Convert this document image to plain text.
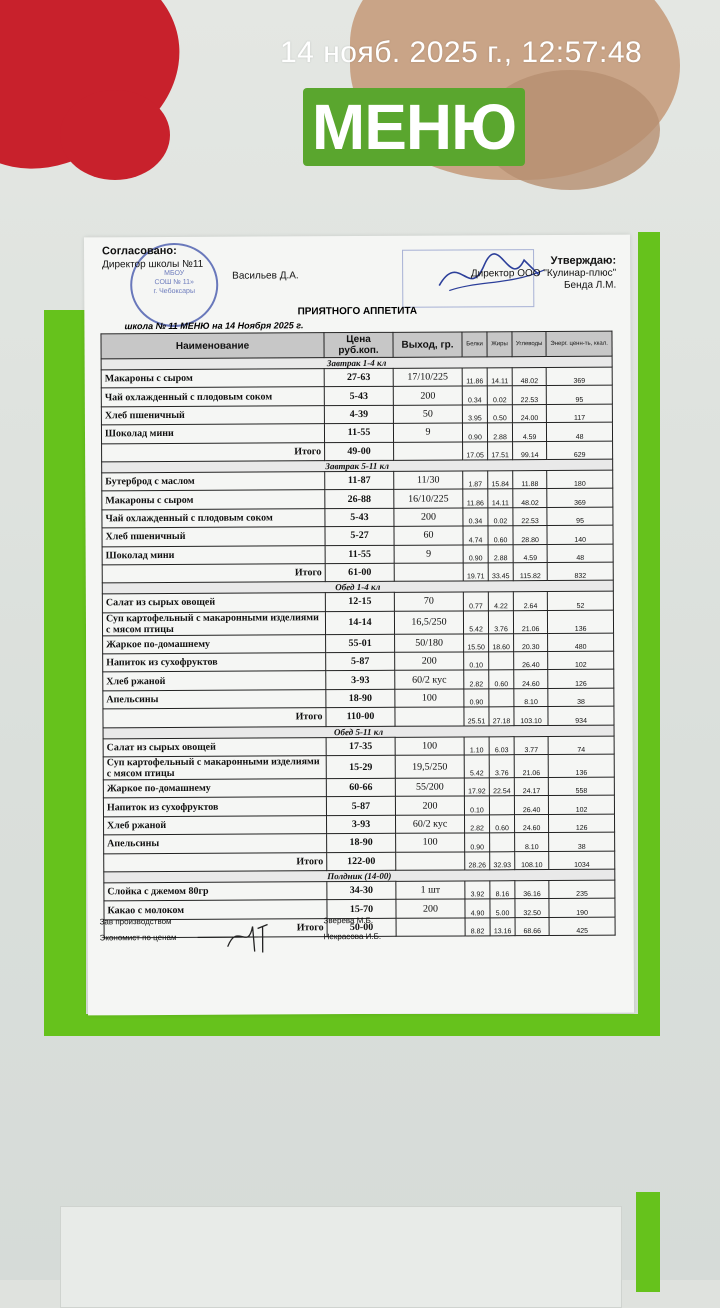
14 нояб. 2025 г., 12:57:48
МЕНЮ
МБОУ
СОШ № 11»
г. Чебоксары
Согласовано:
Директор школы №11
Васильев Д.А.
Утверждаю:
Директор ООО "Кулинар-плюс"
Бенда Л.М.
ПРИЯТНОГО АППЕТИТА
школа № 11 МЕНЮ на 14 Ноября 2025 г.
Наименование	Цена руб.коп.	Выход, гр.	Белки	Жиры	Углеводы	Энерг. ценн-ть, ккал.
Завтрак 1-4 кл						
Макароны с сыром	27-63	17/10/225	11.86	14.11	48.02	369
Чай охлажденный с плодовым соком	5-43	200	0.34	0.02	22.53	95
Хлеб пшеничный	4-39	50	3.95	0.50	24.00	117
Шоколад мини	11-55	9	0.90	2.88	4.59	48
Итого	49-00		17.05	17.51	99.14	629
Завтрак 5-11 кл						
Бутерброд с маслом	11-87	11/30	1.87	15.84	11.88	180
Макароны с сыром	26-88	16/10/225	11.86	14.11	48.02	369
Чай охлажденный с плодовым соком	5-43	200	0.34	0.02	22.53	95
Хлеб пшеничный	5-27	60	4.74	0.60	28.80	140
Шоколад мини	11-55	9	0.90	2.88	4.59	48
Итого	61-00		19.71	33.45	115.82	832
Обед 1-4 кл						
Салат из сырых овощей	12-15	70	0.77	4.22	2.64	52
Суп картофельный с макаронными изделиями с мясом птицы	14-14	16,5/250	5.42	3.76	21.06	136
Жаркое по-домашнему	55-01	50/180	15.50	18.60	20.30	480
Напиток из сухофруктов	5-87	200	0.10		26.40	102
Хлеб ржаной	3-93	60/2 кус	2.82	0.60	24.60	126
Апельсины	18-90	100	0.90		8.10	38
Итого	110-00		25.51	27.18	103.10	934
Обед 5-11 кл						
Салат из сырых овощей	17-35	100	1.10	6.03	3.77	74
Суп картофельный с макаронными изделиями с мясом птицы	15-29	19,5/250	5.42	3.76	21.06	136
Жаркое по-домашнему	60-66	55/200	17.92	22.54	24.17	558
Напиток из сухофруктов	5-87	200	0.10		26.40	102
Хлеб ржаной	3-93	60/2 кус	2.82	0.60	24.60	126
Апельсины	18-90	100	0.90		8.10	38
Итого	122-00		28.26	32.93	108.10	1034
Полдник (14-00)						
Слойка с джемом 80гр	34-30	1 шт	3.92	8.16	36.16	235
Какао с молоком	15-70	200	4.90	5.00	32.50	190
Итого	50-00		8.82	13.16	68.66	425
Зав производством	Зверева М.Б.
Экономист по ценам	Некрасова И.Б.
